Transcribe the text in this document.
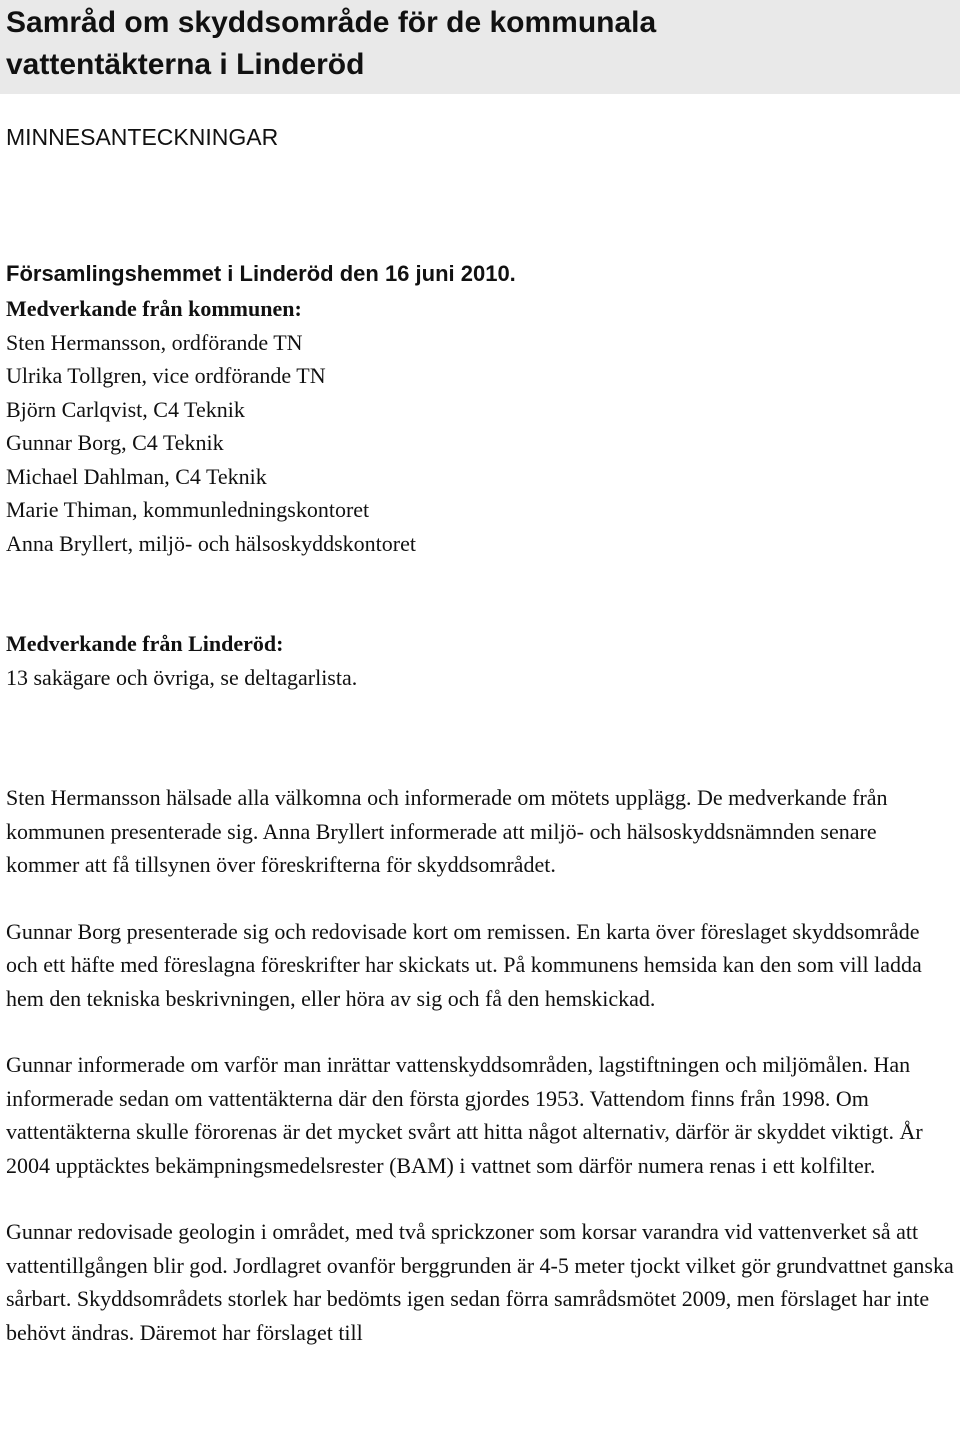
Samråd om skyddsområde för de kommunala
vattentäkterna i Linderöd
MINNESANTECKNINGAR
Församlingshemmet i Linderöd den 16 juni 2010.
Medverkande från kommunen:
Sten Hermansson, ordförande TN
Ulrika Tollgren, vice ordförande TN
Björn Carlqvist, C4 Teknik
Gunnar Borg, C4 Teknik
Michael Dahlman, C4 Teknik
Marie Thiman, kommunledningskontoret
Anna Bryllert, miljö- och hälsoskyddskontoret
Medverkande från Linderöd:
13 sakägare och övriga, se deltagarlista.

Sten Hermansson hälsade alla välkomna och informerade om mötets upplägg. De medverkande från kommunen presenterade sig. Anna Bryllert informerade att miljö- och hälsoskyddsnämnden senare kommer att få tillsynen över föreskrifterna för skyddsområdet.

Gunnar Borg presenterade sig och redovisade kort om remissen. En karta över föreslaget skyddsområde och ett häfte med föreslagna föreskrifter har skickats ut. På kommunens hemsida kan den som vill ladda hem den tekniska beskrivningen, eller höra av sig och få den hemskickad.

Gunnar informerade om varför man inrättar vattenskyddsområden, lagstiftningen och miljömålen. Han informerade sedan om vattentäkterna där den första gjordes 1953. Vattendom finns från 1998. Om vattentäkterna skulle förorenas är det mycket svårt att hitta något alternativ, därför är skyddet viktigt. År 2004 upptäcktes bekämpningsmedelsrester (BAM) i vattnet som därför numera renas i ett kolfilter.

Gunnar redovisade geologin i området, med två sprickzoner som korsar varandra vid vattenverket så att vattentillgången blir god. Jordlagret ovanför berggrunden är 4-5 meter tjockt vilket gör grundvattnet ganska sårbart. Skyddsområdets storlek har bedömts igen sedan förra samrådsmötet 2009, men förslaget har inte behövt ändras. Däremot har förslaget till
